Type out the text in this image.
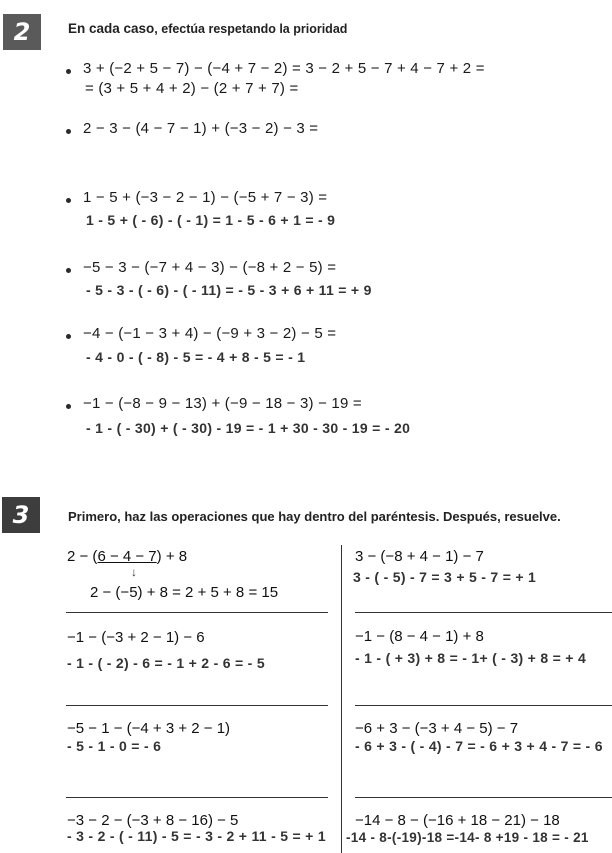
2	En cada caso, efectúa respetando la prioridad
3 + (−2 + 5 − 7) − (−4 + 7 − 2) = 3 − 2 + 5 − 7 + 4 − 7 + 2 =
= (3 + 5 + 4 + 2) − (2 + 7 + 7) =
2 − 3 − (4 − 7 − 1) + (−3 − 2) − 3 =
1 − 5 + (−3 − 2 − 1) − (−5 + 7 − 3) =
1 - 5 + ( - 6) - ( - 1) = 1 - 5 - 6 + 1 = - 9
−5 − 3 − (−7 + 4 − 3) − (−8 + 2 − 5) =
- 5 - 3 - ( - 6) - ( - 11) = - 5 - 3 + 6 + 11 = + 9
−4 − (−1 − 3 + 4) − (−9 + 3 − 2) − 5 =
- 4 - 0 - ( - 8) - 5 = - 4 + 8 - 5 = - 1
−1 − (−8 − 9 − 13) + (−9 − 18 − 3) − 19 =
- 1 - ( - 30) + ( - 30) - 19 = - 1 + 30 - 30 - 19 = - 20
3	Primero, haz las operaciones que hay dentro del paréntesis. Después, resuelve.
2 − (6 − 4 − 7) + 8
↓
2 − (−5) + 8 = 2 + 5 + 8 = 15
3 − (−8 + 4 − 1) − 7
3 - ( - 5) - 7 = 3 + 5 - 7 = + 1
−1 − (−3 + 2 − 1) − 6
- 1 - ( - 2) - 6 = - 1 + 2 - 6 = - 5
−1 − (8 − 4 − 1) + 8
- 1 - ( + 3) + 8 = - 1+ ( - 3) + 8 = + 4
−5 − 1 − (−4 + 3 + 2 − 1)
- 5 - 1 - 0 = - 6
−6 + 3 − (−3 + 4 − 5) − 7
- 6 + 3 - ( - 4) - 7 = - 6 + 3 + 4 - 7 = - 6
−3 − 2 − (−3 + 8 − 16) − 5
- 3 - 2 - ( - 11) - 5 = - 3 - 2 + 11 - 5 = + 1
−14 − 8 − (−16 + 18 − 21) − 18
-14 - 8-(-19)-18 =-14- 8 +19 - 18 = - 21
